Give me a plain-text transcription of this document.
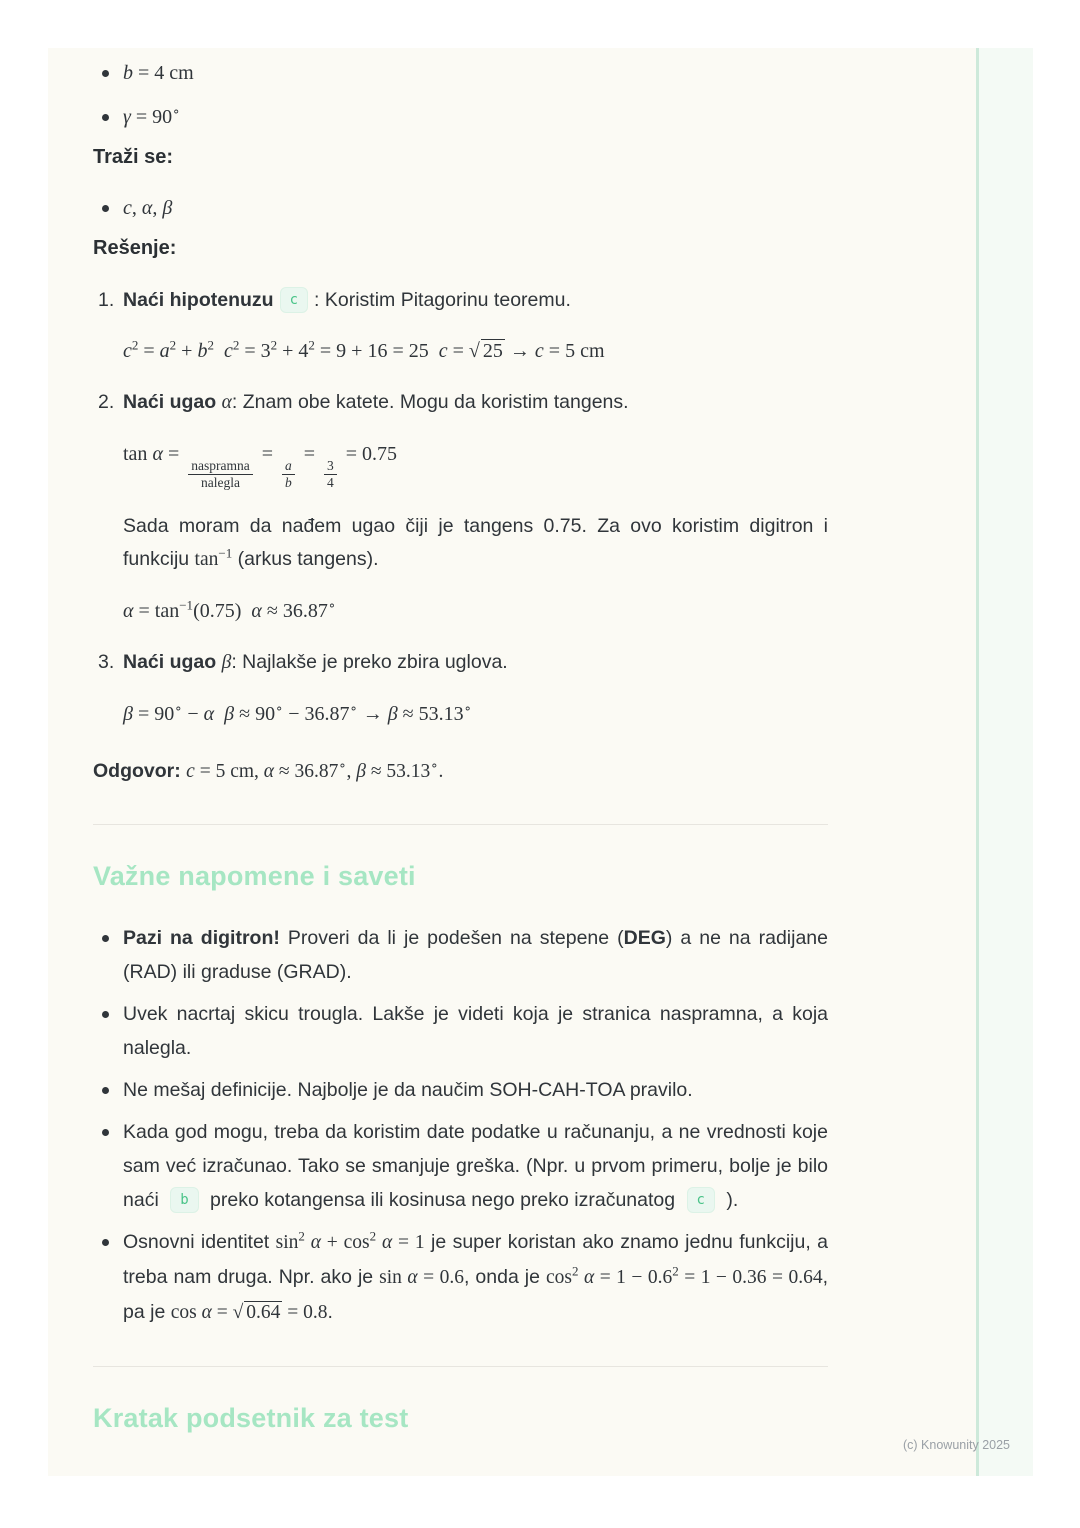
b = 4 cm
γ = 90∘
Traži se:
c, α, β
Rešenje:
1. Naći hipotenuzu c : Koristim Pitagorinu teoremu.
$c^2 = a^2 + b^2$ $c^2 = 3^2 + 4^2 = 9 + 16 = 25$  c = √ 25 → c = 5 cm
2. Naći ugao α: Znam obe katete. Mogu da koristim tangens.
tan α =
$\frac{\text{naspramna}}{\text{nalegla}}$
=
$\frac{a}{b}$
=
$\frac{3}{4}$
= 0.75
Sada moram da nađem ugao čiji je tangens 0.75. Za ovo koristim digitron i funkciju $\tan^{-1}$ (arkus tangens).
$\alpha = \tan^{-1}(0.75) \alpha \approx 36.87^\circ$
3. Naći ugao β: Najlakše je preko zbira uglova.
β = 90∘ − α β ≈ 90∘ − 36.87∘ → β ≈ 53.13∘

Odgovor: c = 5 cm, α ≈ 36.87∘, β ≈ 53.13∘.

Važne napomene i saveti
Pazi na digitron! Proveri da li je podešen na stepene (DEG) a ne na radijane (RAD) ili graduse (GRAD).
Uvek nacrtaj skicu trougla. Lakše je videti koja je stranica naspramna, a koja nalegla.
Ne mešaj definicije. Najbolje je da naučim SOH-CAH-TOA pravilo.
Kada god mogu, treba da koristim date podatke u računanju, a ne vrednosti koje sam već izračunao. Tako se smanjuje greška. (Npr. u prvom primeru, bolje je bilo naći b preko kotangensa ili kosinusa nego preko izračunatog c ).
Osnovni identitet $\sin^2 \alpha + \cos^2 \alpha = 1$ je super koristan ako znamo jednu funkciju, a treba nam druga. Npr. ako je sin α = 0.6, onda je $\cos^2 \alpha = 1 - 0.6^2 = 1 - 0.36 = 0.64$, pa je cos α = √ 0.64 = 0.8.
Kratak podsetnik za test
(c) Knowunity 2025
